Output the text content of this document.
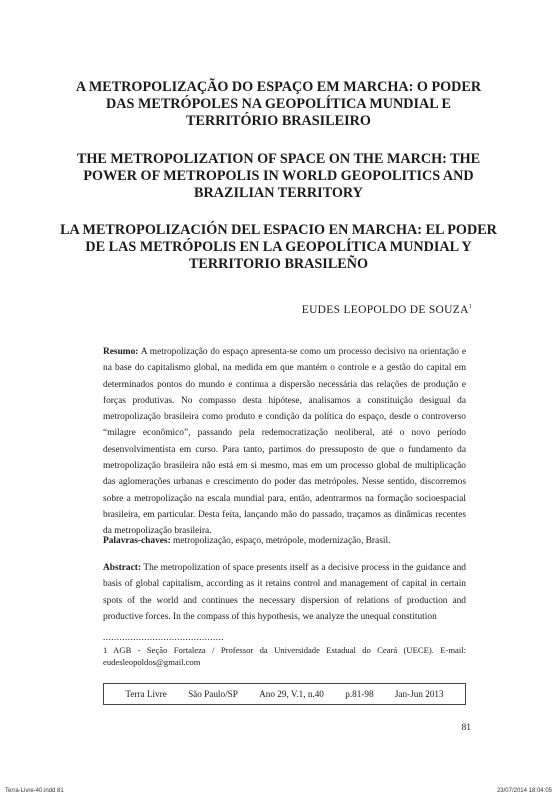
A METROPOLIZAÇÃO DO ESPAÇO EM MARCHA: O PODER DAS METRÓPOLES NA GEOPOLÍTICA MUNDIAL E TERRITÓRIO BRASILEIRO
THE METROPOLIZATION OF SPACE ON THE MARCH: THE POWER OF METROPOLIS IN WORLD GEOPOLITICS AND BRAZILIAN TERRITORY
LA METROPOLIZACIÓN DEL ESPACIO EN MARCHA: EL PODER DE LAS METRÓPOLIS EN LA GEOPOLÍTICA MUNDIAL Y TERRITORIO BRASILEÑO
EUDES LEOPOLDO DE SOUZA$^1$

Resumo: A metropolização do espaço apresenta-se como um processo decisivo na orientação e na base do capitalismo global, na medida em que mantém o controle e a gestão do capital em determinados pontos do mundo e continua a dispersão necessária das relações de produção e forças produtivas. No compasso desta hipótese, analisamos a constituição desigual da metropolização brasileira como produto e condição da política do espaço, desde o controverso “milagre econômico”, passando pela redemocratização neoliberal, até o novo período desenvolvimentista em curso. Para tanto, partimos do pressuposto de que o fundamento da metropolização brasileira não está em si mesmo, mas em um processo global de multiplicação das aglomerações urbanas e crescimento do poder das metrópoles. Nesse sentido, discorremos sobre a metropolização na escala mundial para, então, adentrarmos na formação socioespacial brasileira, em particular. Desta feita, lançando mão do passado, traçamos as dinâmicas recentes da metropolização brasileira.

Palavras-chaves: metropolização, espaço, metrópole, modernização, Brasil.

Abstract: The metropolization of space presents itself as a decisive process in the guidance and basis of global capitalism, according as it retains control and management of capital in certain spots of the world and continues the necessary dispersion of relations of production and productive forces. In the compass of this hypothesis, we analyze the unequal constitution

............................................
1 AGB - Seção Fortaleza / Professor da Universidade Estadual do Ceará (UECE). E-mail: eudesleopoldos@gmail.com
Terra Livre São Paulo/SP Ano 29, V.1, n.40 p.81-98 Jan-Jun 2013
81
Terra-Livre-40.indd 81	23/07/2014 18:04:05
